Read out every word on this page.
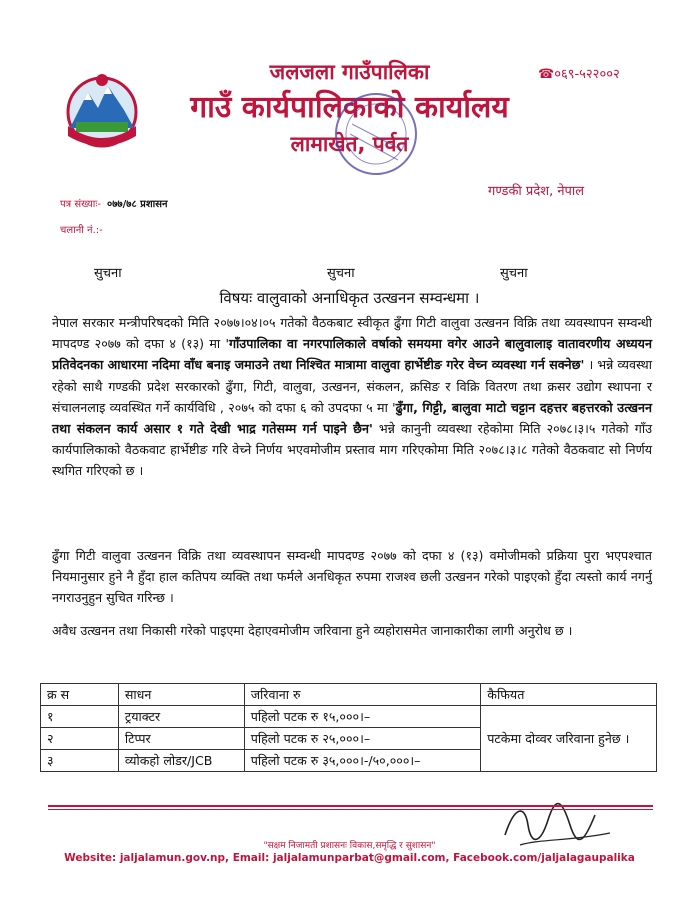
☎०६९-५२२००२
जलजला गाउँपालिका
गाउँ कार्यपालिकाको कार्यालय
लामाखेत, पर्वत
गण्डकी प्रदेश, नेपाल
पत्र संख्याः- ०७७/७८ प्रशासन
चलानी नं.:-
सुचना	सुचना	सुचना
विषयः वालुवाको अनाधिकृत उत्खनन सम्वन्धमा ।
नेपाल सरकार मन्त्रीपरिषदको मिति २०७७।०४।०५ गतेको वैठकबाट स्वीकृत ढुँगा गिटी वालुवा उत्खनन विक्रि तथा व्यवस्थापन सम्वन्धी मापदण्ड २०७७ को दफा ४ (१३) मा 'गाँउपालिका वा नगरपालिकाले वर्षाको समयमा वगेर आउने बालुवालाइ वातावरणीय अध्ययन प्रतिवेदनका आधारमा नदिमा वाँध बनाइ जमाउने तथा निश्चित मात्रामा वालुवा हार्भेष्टीङ गरेर वेच्न व्यवस्था गर्न सक्नेछ' । भन्ने व्यवस्था रहेको साथै गण्डकी प्रदेश सरकारको ढुँगा, गिटी, वालुवा, उत्खनन, संकलन, क्रसिङ र विक्रि वितरण तथा क्रसर उद्योग स्थापना र संचालनलाइ व्यवस्थित गर्ने कार्यविधि , २०७५ को दफा ६ को उपदफा ५ मा 'ढुँगा, गिट्टी, बालुवा माटो चट्टान दहत्तर बहत्तरको उत्खनन तथा संकलन कार्य असार १ गते देखी भाद्र गतेसम्म गर्न पाइने छैन' भन्ने कानुनी व्यवस्था रहेकोमा मिति २०७८।३।५ गतेको गाँउ कार्यपालिकाको वैठकवाट हार्भेष्टीङ गरि वेच्ने निर्णय भएवमोजीम प्रस्ताव माग गरिएकोमा मिति २०७८।३।८ गतेको वैठकवाट सो निर्णय स्थगित गरिएको छ ।
ढुँगा गिटी वालुवा उत्खनन विक्रि तथा व्यवस्थापन सम्वन्धी मापदण्ड २०७७ को दफा ४ (१३) वमोजीमको प्रक्रिया पुरा भएपश्चात नियमानुसार हुने नै हुँदा हाल कतिपय व्यक्ति तथा फर्मले अनधिकृत रुपमा राजश्व छली उत्खनन गरेको पाइएको हुँदा त्यस्तो कार्य नगर्नु नगराउनुहुन सुचित गरिन्छ ।
अवैध उत्खनन तथा निकासी गरेको पाइएमा देहाएवमोजीम जरिवाना हुने व्यहोरासमेत जानाकारीका लागी अनुरोध छ ।
क्र स	साधन	जरिवाना रु	कैफियत
१	ट्रयाक्टर	पहिलो पटक रु १५,०००।–	पटकेमा दोव्वर जरिवाना हुनेछ ।
२	टिप्पर	पहिलो पटक रु २५,०००।–	
३	व्योकहो लोडर/JCB	पहिलो पटक रु ३५,०००।-/५०,०००।–	
"सक्षम निजामती प्रशासनः विकास,समृद्धि र सुशासन"
Website: jaljalamun.gov.np, Email: jaljalamunparbat@gmail.com, Facebook.com/jaljalagaupalika
